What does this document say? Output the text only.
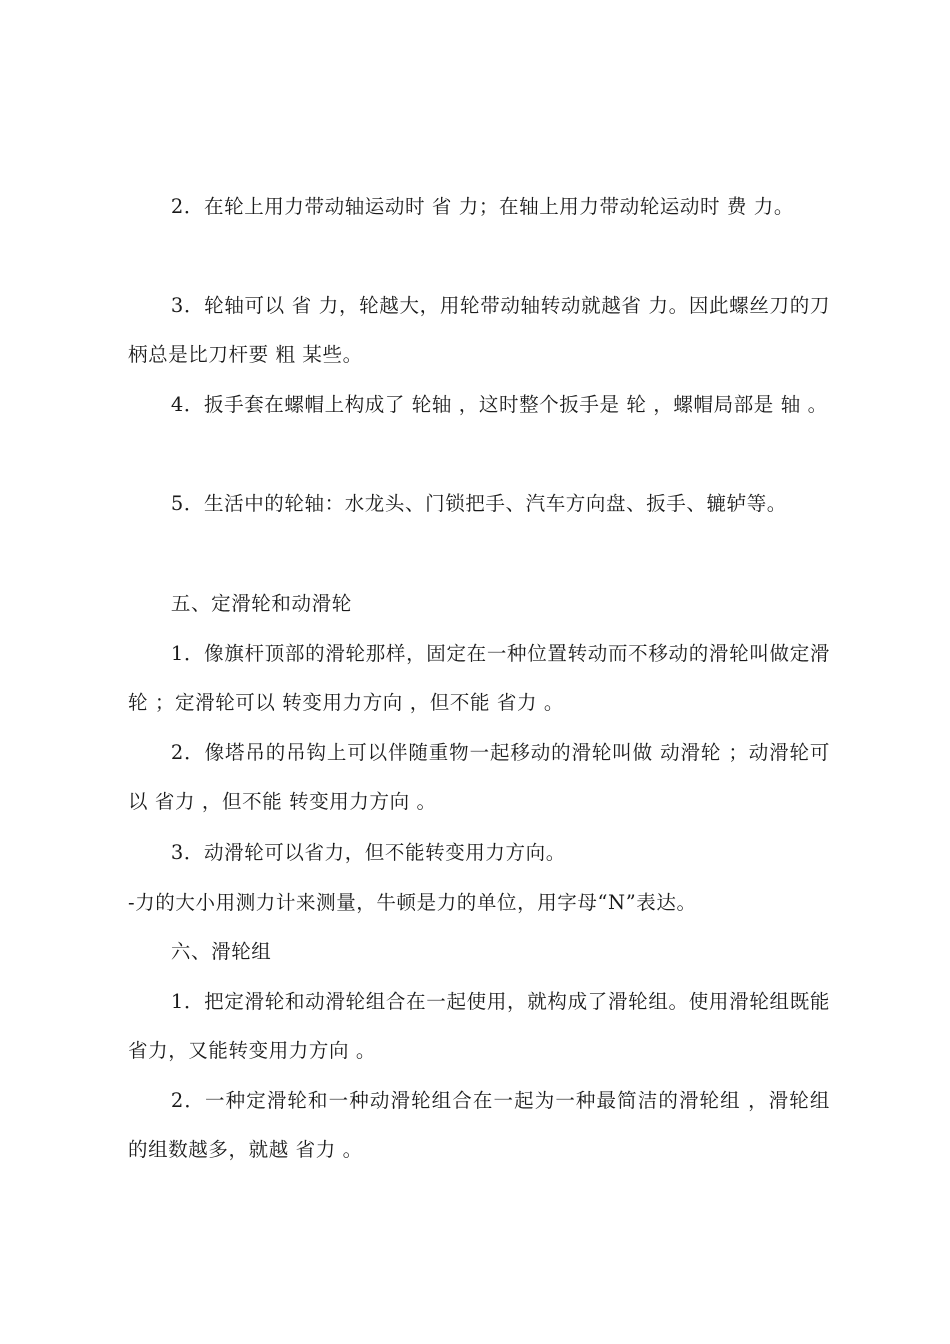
2．在轮上用力带动轴运动时 省 力；在轴上用力带动轮运动时 费 力。

3．轮轴可以 省 力，轮越大，用轮带动轴转动就越省 力。因此螺丝刀的刀柄总是比刀杆要 粗 某些。

4．扳手套在螺帽上构成了 轮轴 ，这时整个扳手是 轮 ，螺帽局部是 轴 。

5．生活中的轮轴：水龙头、门锁把手、汽车方向盘、扳手、辘轳等。

五、定滑轮和动滑轮

1．像旗杆顶部的滑轮那样，固定在一种位置转动而不移动的滑轮叫做定滑轮 ；定滑轮可以 转变用力方向 ，但不能 省力 。

2．像塔吊的吊钩上可以伴随重物一起移动的滑轮叫做 动滑轮 ；动滑轮可以 省力 ，但不能 转变用力方向 。

3．动滑轮可以省力，但不能转变用力方向。

-力的大小用测力计来测量，牛顿是力的单位，用字母“N”表达。

六、滑轮组

1．把定滑轮和动滑轮组合在一起使用，就构成了滑轮组。使用滑轮组既能省力，又能转变用力方向 。

2．一种定滑轮和一种动滑轮组合在一起为一种最简洁的滑轮组 ，滑轮组的组数越多，就越 省力 。
